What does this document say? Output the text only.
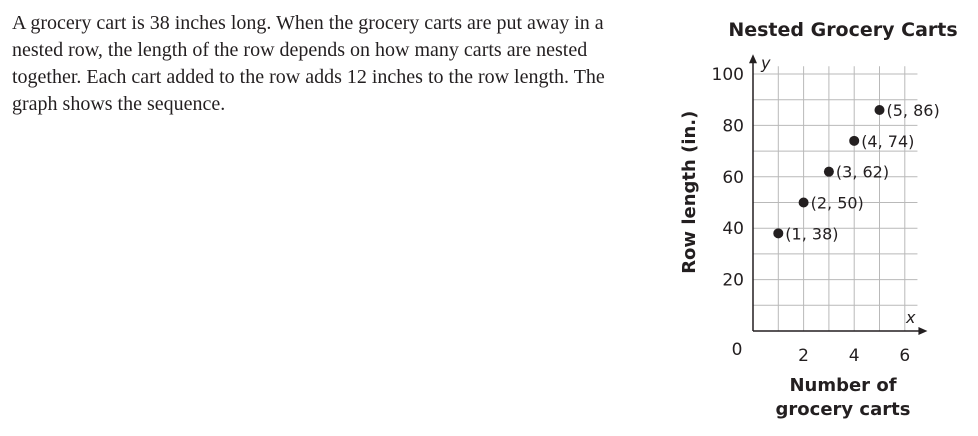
A grocery cart is 38 inches long. When the grocery carts are put away in a nested row, the length of the row depends on how many carts are nested together. Each cart added to the row adds 12 inches to the row length. The graph shows the sequence.
Nested Grocery Carts
2 4 6
20
40
60
80
100
0
(1, 38)
(2, 50)
(3, 62)
(4, 74)
(5, 86)
x
y
Number of
grocery carts
Row length (in.)
